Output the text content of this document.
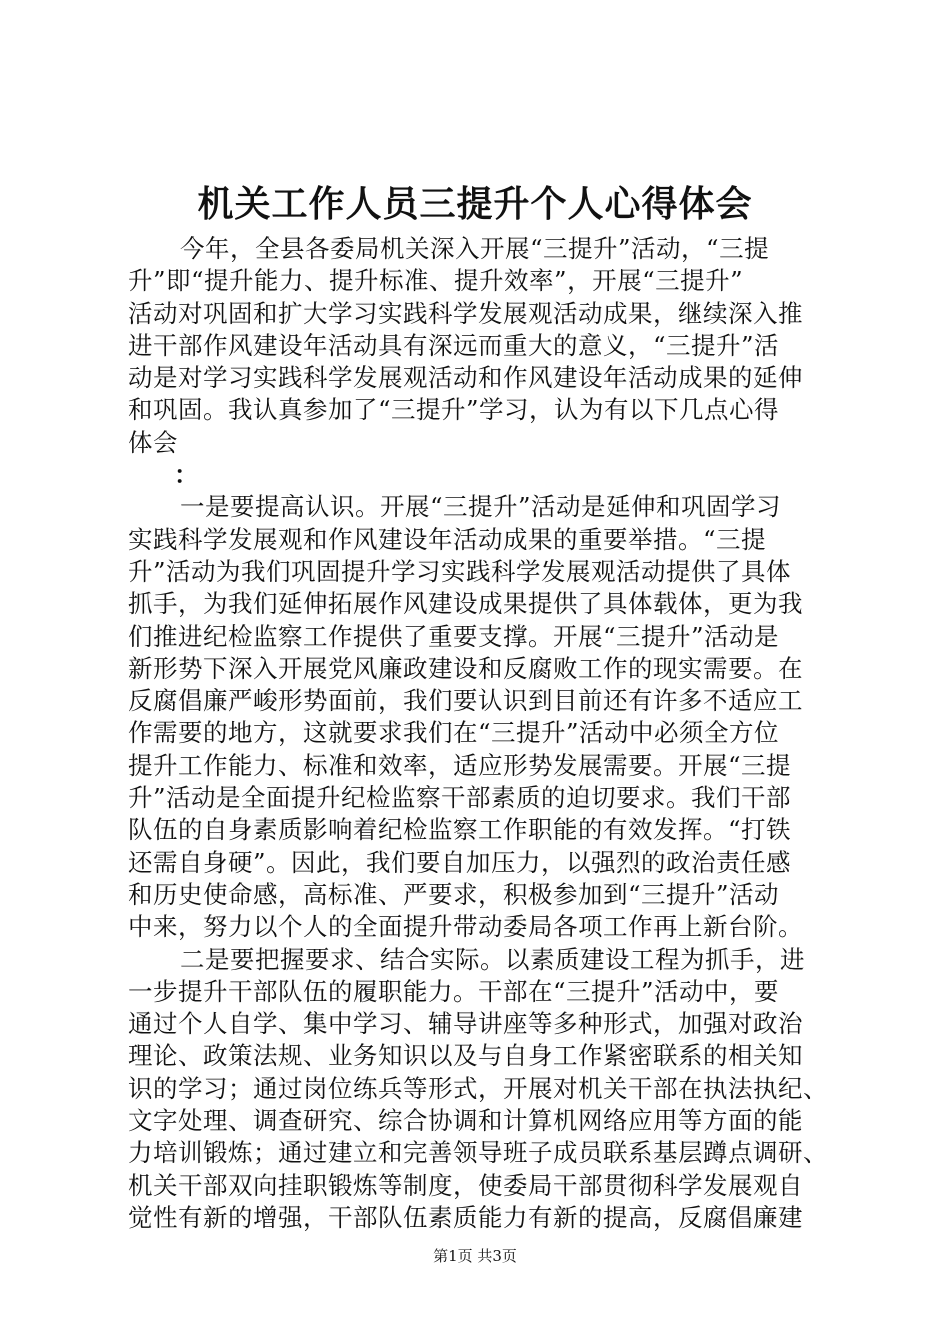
机关工作人员三提升个人心得体会
今年，全县各委局机关深入开展“三提升”活动，“三提
升”即“提升能力、提升标准、提升效率”，开展“三提升”
活动对巩固和扩大学习实践科学发展观活动成果，继续深入推
进干部作风建设年活动具有深远而重大的意义，“三提升”活
动是对学习实践科学发展观活动和作风建设年活动成果的延伸
和巩固。我认真参加了“三提升”学习，认为有以下几点心得
体会
：
一是要提高认识。开展“三提升”活动是延伸和巩固学习
实践科学发展观和作风建设年活动成果的重要举措。“三提
升”活动为我们巩固提升学习实践科学发展观活动提供了具体
抓手，为我们延伸拓展作风建设成果提供了具体载体，更为我
们推进纪检监察工作提供了重要支撑。开展“三提升”活动是
新形势下深入开展党风廉政建设和反腐败工作的现实需要。在
反腐倡廉严峻形势面前，我们要认识到目前还有许多不适应工
作需要的地方，这就要求我们在“三提升”活动中必须全方位
提升工作能力、标准和效率，适应形势发展需要。开展“三提
升”活动是全面提升纪检监察干部素质的迫切要求。我们干部
队伍的自身素质影响着纪检监察工作职能的有效发挥。“打铁
还需自身硬”。因此，我们要自加压力，以强烈的政治责任感
和历史使命感，高标准、严要求，积极参加到“三提升”活动
中来，努力以个人的全面提升带动委局各项工作再上新台阶。
二是要把握要求、结合实际。以素质建设工程为抓手，进
一步提升干部队伍的履职能力。干部在“三提升”活动中，要
通过个人自学、集中学习、辅导讲座等多种形式，加强对政治
理论、政策法规、业务知识以及与自身工作紧密联系的相关知
识的学习；通过岗位练兵等形式，开展对机关干部在执法执纪、
文字处理、调查研究、综合协调和计算机网络应用等方面的能
力培训锻炼；通过建立和完善领导班子成员联系基层蹲点调研、
机关干部双向挂职锻炼等制度，使委局干部贯彻科学发展观自
觉性有新的增强，干部队伍素质能力有新的提高，反腐倡廉建
第1页 共3页
